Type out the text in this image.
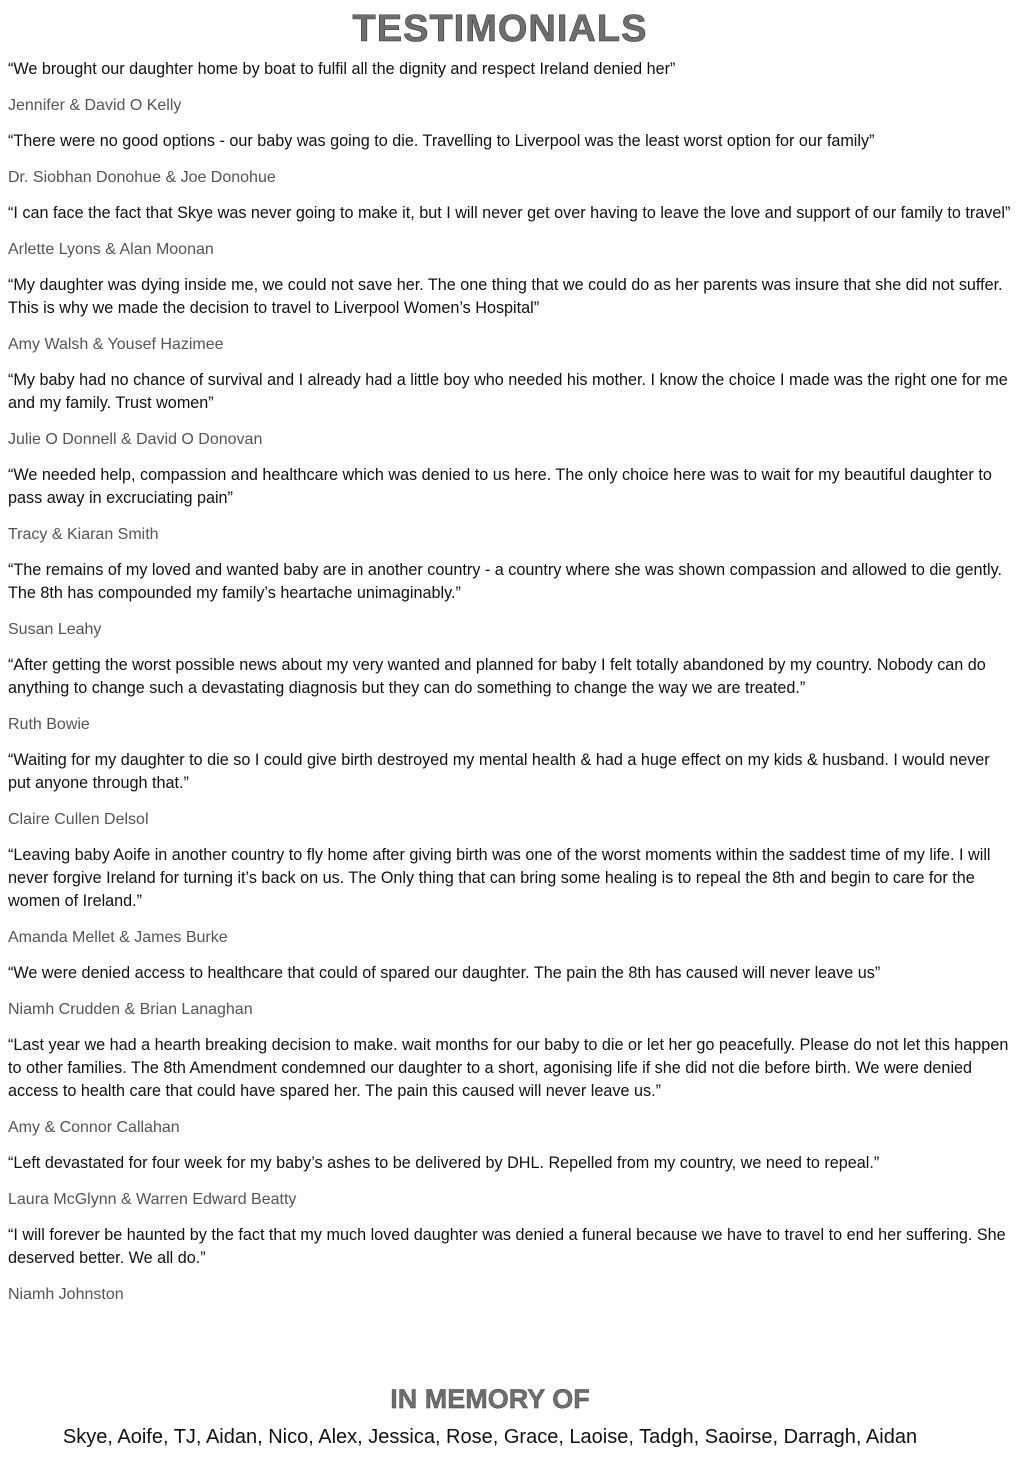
TESTIMONIALS

“We brought our daughter home by boat to fulfil all the dignity and respect Ireland denied her”

Jennifer & David O Kelly

“There were no good options - our baby was going to die. Travelling to Liverpool was the least worst option for our family”

Dr. Siobhan Donohue & Joe Donohue

“I can face the fact that Skye was never going to make it, but I will never get over having to leave the love and support of our family to travel”

Arlette Lyons & Alan Moonan

“My daughter was dying inside me, we could not save her. The one thing that we could do as her parents was insure that she did not suffer. This is why we made the decision to travel to Liverpool Women’s Hospital”

Amy Walsh & Yousef Hazimee

“My baby had no chance of survival and I already had a little boy who needed his mother. I know the choice I made was the right one for me and my family. Trust women”

Julie O Donnell & David O Donovan

“We needed help, compassion and healthcare which was denied to us here. The only choice here was to wait for my beautiful daughter to pass away in excruciating pain”

Tracy & Kiaran Smith

“The remains of my loved and wanted baby are in another country - a country where she was shown compassion and allowed to die gently. The 8th has compounded my family’s heartache unimaginably.”

Susan Leahy

“After getting the worst possible news about my very wanted and planned for baby I felt totally abandoned by my country. Nobody can do anything to change such a devastating diagnosis but they can do something to change the way we are treated.”

Ruth Bowie

“Waiting for my daughter to die so I could give birth destroyed my mental health & had a huge effect on my kids & husband. I would never put anyone through that.”

Claire Cullen Delsol

“Leaving baby Aoife in another country to fly home after giving birth was one of the worst moments within the saddest time of my life. I will never forgive Ireland for turning it’s back on us. The Only thing that can bring some healing is to repeal the 8th and begin to care for the women of Ireland.”

Amanda Mellet & James Burke

“We were denied access to healthcare that could of spared our daughter. The pain the 8th has caused will never leave us”

Niamh Crudden & Brian Lanaghan

“Last year we had a hearth breaking decision to make. wait months for our baby to die or let her go peacefully. Please do not let this happen to other families. The 8th Amendment condemned our daughter to a short, agonising life if she did not die before birth. We were denied access to health care that could have spared her. The pain this caused will never leave us.”

Amy & Connor Callahan

“Left devastated for four week for my baby’s ashes to be delivered by DHL. Repelled from my country, we need to repeal.”

Laura McGlynn & Warren Edward Beatty

“I will forever be haunted by the fact that my much loved daughter was denied a funeral because we have to travel to end her suffering. She deserved better. We all do.”

Niamh Johnston

IN MEMORY OF
Skye, Aoife, TJ, Aidan, Nico, Alex, Jessica, Rose, Grace, Laoise, Tadgh, Saoirse, Darragh, Aidan
